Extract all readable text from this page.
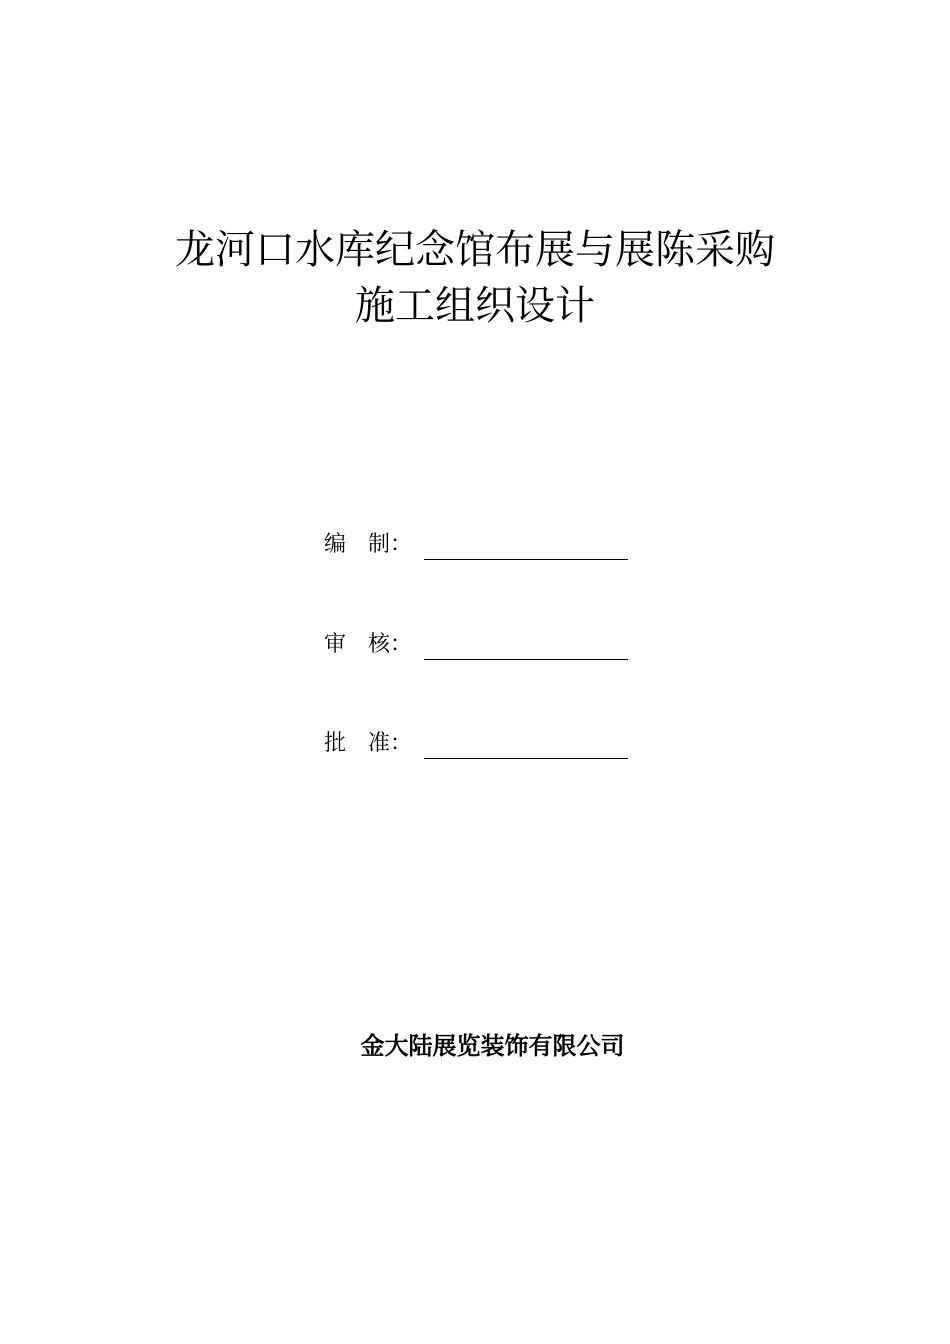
龙河口水库纪念馆布展与展陈采购
施工组织设计
编　制：
审　核：
批　准：
金大陆展览装饰有限公司
